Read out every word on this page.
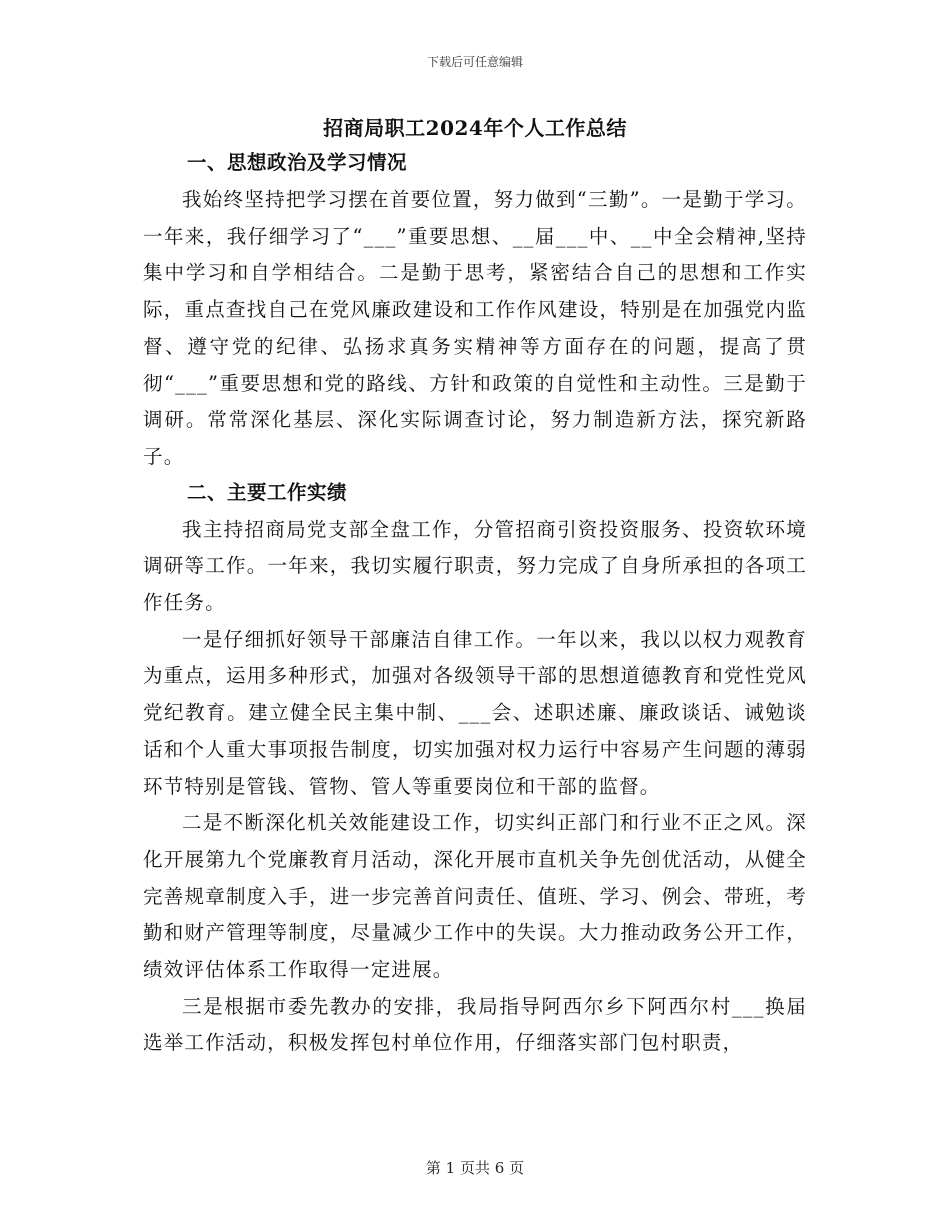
下载后可任意编辑
招商局职工2024年个人工作总结
一、思想政治及学习情况

我始终坚持把学习摆在首要位置，努力做到“三勤”。一是勤于学习。一年来，我仔细学习了“___”重要思想、__届___中、__中全会精神,坚持集中学习和自学相结合。二是勤于思考，紧密结合自己的思想和工作实际，重点查找自己在党风廉政建设和工作作风建设，特别是在加强党内监督、遵守党的纪律、弘扬求真务实精神等方面存在的问题，提高了贯彻“___”重要思想和党的路线、方针和政策的自觉性和主动性。三是勤于调研。常常深化基层、深化实际调查讨论，努力制造新方法，探究新路子。

二、主要工作实绩

我主持招商局党支部全盘工作，分管招商引资投资服务、投资软环境调研等工作。一年来，我切实履行职责，努力完成了自身所承担的各项工作任务。

一是仔细抓好领导干部廉洁自律工作。一年以来，我以以权力观教育为重点，运用多种形式，加强对各级领导干部的思想道德教育和党性党风党纪教育。建立健全民主集中制、___会、述职述廉、廉政谈话、诫勉谈话和个人重大事项报告制度，切实加强对权力运行中容易产生问题的薄弱环节特别是管钱、管物、管人等重要岗位和干部的监督。

二是不断深化机关效能建设工作，切实纠正部门和行业不正之风。深化开展第九个党廉教育月活动，深化开展市直机关争先创优活动，从健全完善规章制度入手，进一步完善首问责任、值班、学习、例会、带班，考勤和财产管理等制度，尽量减少工作中的失误。大力推动政务公开工作，绩效评估体系工作取得一定进展。

三是根据市委先教办的安排，我局指导阿西尔乡下阿西尔村___换届选举工作活动，积极发挥包村单位作用，仔细落实部门包村职责，

第 1 页共 6 页
